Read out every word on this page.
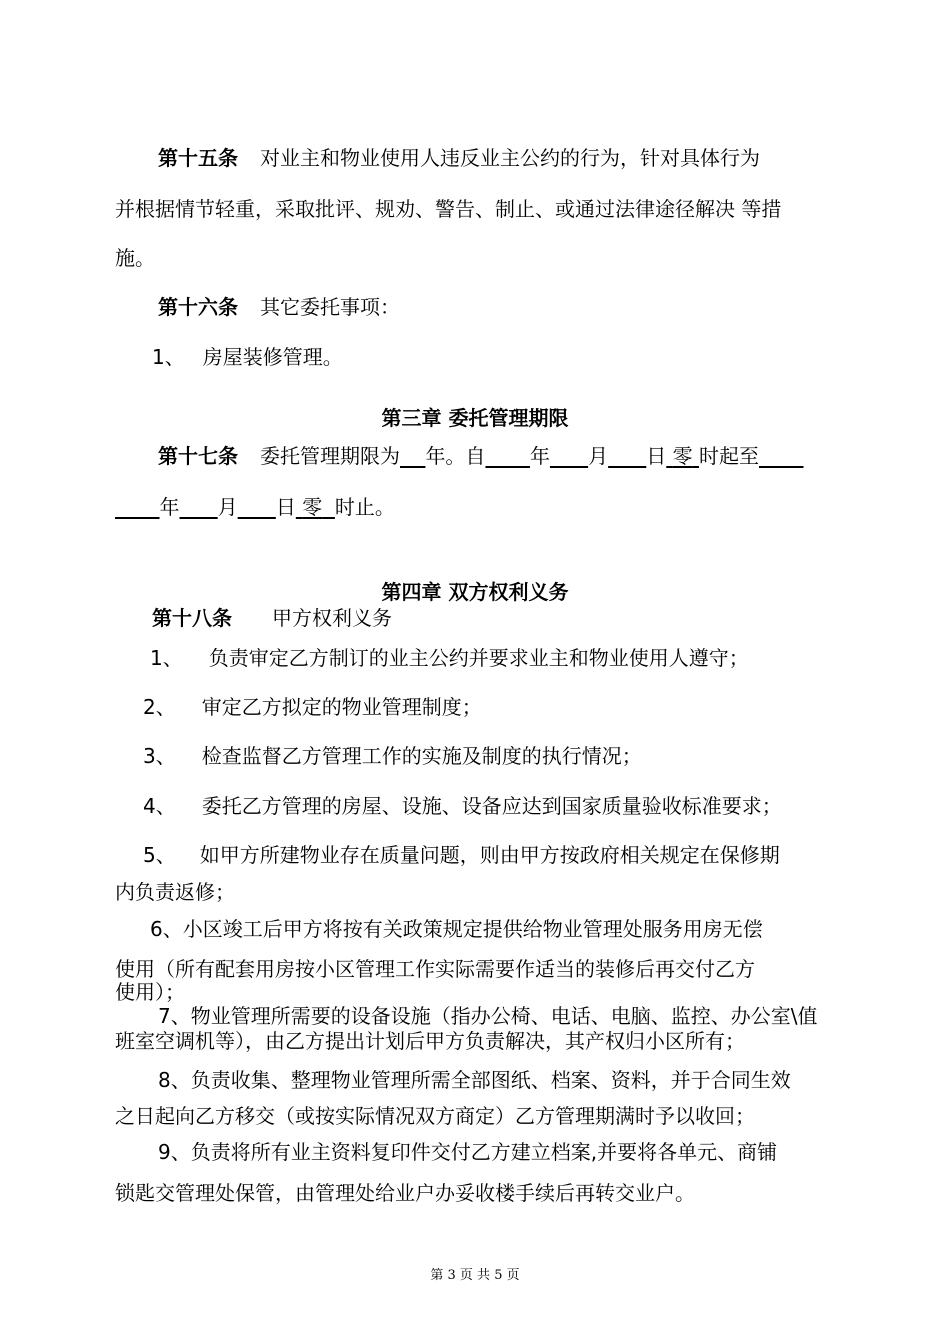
第十五条 对业主和物业使用人违反业主公约的行为，针对具体行为
并根据情节轻重，采取批评、规劝、警告、制止、或通过法律途径解决 等措
施。
第十六条 其它委托事项：
1、 房屋装修管理。
第三章 委托管理期限
第十七条 委托管理期限为 年。自 年 月 日 零 时起至
年 月 日 零 时止。
第四章 双方权利义务
第十八条 甲方权利义务
1、 负责审定乙方制订的业主公约并要求业主和物业使用人遵守；
2、 审定乙方拟定的物业管理制度；
3、 检查监督乙方管理工作的实施及制度的执行情况；
4、 委托乙方管理的房屋、设施、设备应达到国家质量验收标准要求；
5、 如甲方所建物业存在质量问题，则由甲方按政府相关规定在保修期
内负责返修；
6、小区竣工后甲方将按有关政策规定提供给物业管理处服务用房无偿
使用（所有配套用房按小区管理工作实际需要作适当的装修后再交付乙方
使用）；
7、物业管理所需要的设备设施（指办公椅、电话、电脑、监控、办公室\值
班室空调机等），由乙方提出计划后甲方负责解决，其产权归小区所有；
8、负责收集、整理物业管理所需全部图纸、档案、资料，并于合同生效
之日起向乙方移交（或按实际情况双方商定）乙方管理期满时予以收回；
9、负责将所有业主资料复印件交付乙方建立档案,并要将各单元、商铺
锁匙交管理处保管，由管理处给业户办妥收楼手续后再转交业户。
第 3 页 共 5 页
